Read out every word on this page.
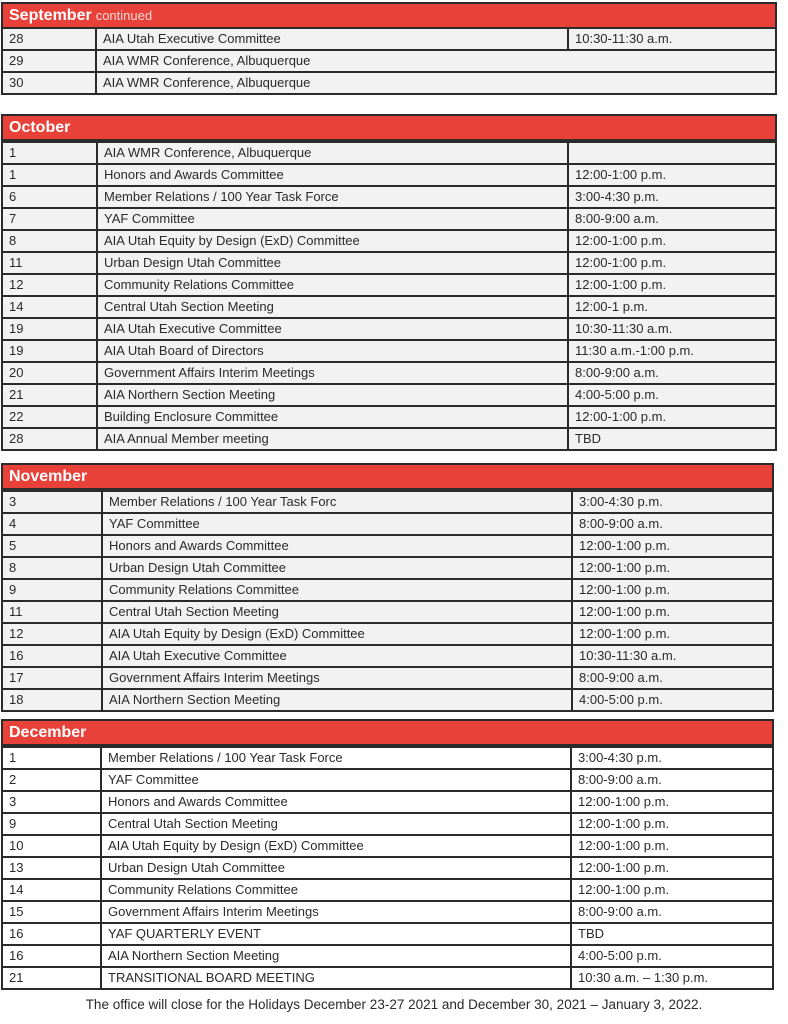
September continued
28	AIA Utah Executive Committee	10:30-11:30 a.m.
29	AIA WMR Conference, Albuquerque	
30	AIA WMR Conference, Albuquerque	
October
1	AIA WMR Conference, Albuquerque	
1	Honors and Awards Committee	12:00-1:00 p.m.
6	Member Relations / 100 Year Task Force	3:00-4:30 p.m.
7	YAF Committee	8:00-9:00 a.m.
8	AIA Utah Equity by Design (ExD) Committee	12:00-1:00 p.m.
11	Urban Design Utah Committee	12:00-1:00 p.m.
12	Community Relations Committee	12:00-1:00 p.m.
14	Central Utah Section Meeting	12:00-1 p.m.
19	AIA Utah Executive Committee	10:30-11:30 a.m.
19	AIA Utah Board of Directors	11:30 a.m.-1:00 p.m.
20	Government Affairs Interim Meetings	8:00-9:00 a.m.
21	AIA Northern Section Meeting	4:00-5:00 p.m.
22	Building Enclosure Committee	12:00-1:00 p.m.
28	AIA Annual Member meeting	TBD
November
3	Member Relations / 100 Year Task Forc	3:00-4:30 p.m.
4	YAF Committee	8:00-9:00 a.m.
5	Honors and Awards Committee	12:00-1:00 p.m.
8	Urban Design Utah Committee	12:00-1:00 p.m.
9	Community Relations Committee	12:00-1:00 p.m.
11	Central Utah Section Meeting	12:00-1:00 p.m.
12	AIA Utah Equity by Design (ExD) Committee	12:00-1:00 p.m.
16	AIA Utah Executive Committee	10:30-11:30 a.m.
17	Government Affairs Interim Meetings	8:00-9:00 a.m.
18	AIA Northern Section Meeting	4:00-5:00 p.m.
December
1	Member Relations / 100 Year Task Force	3:00-4:30 p.m.
2	YAF Committee	8:00-9:00 a.m.
3	Honors and Awards Committee	12:00-1:00 p.m.
9	Central Utah Section Meeting	12:00-1:00 p.m.
10	AIA Utah Equity by Design (ExD) Committee	12:00-1:00 p.m.
13	Urban Design Utah Committee	12:00-1:00 p.m.
14	Community Relations Committee	12:00-1:00 p.m.
15	Government Affairs Interim Meetings	8:00-9:00 a.m.
16	YAF QUARTERLY EVENT	TBD
16	AIA Northern Section Meeting	4:00-5:00 p.m.
21	TRANSITIONAL BOARD MEETING	10:30 a.m. – 1:30 p.m.
The office will close for the Holidays December 23-27 2021 and December 30, 2021 – January 3, 2022.
